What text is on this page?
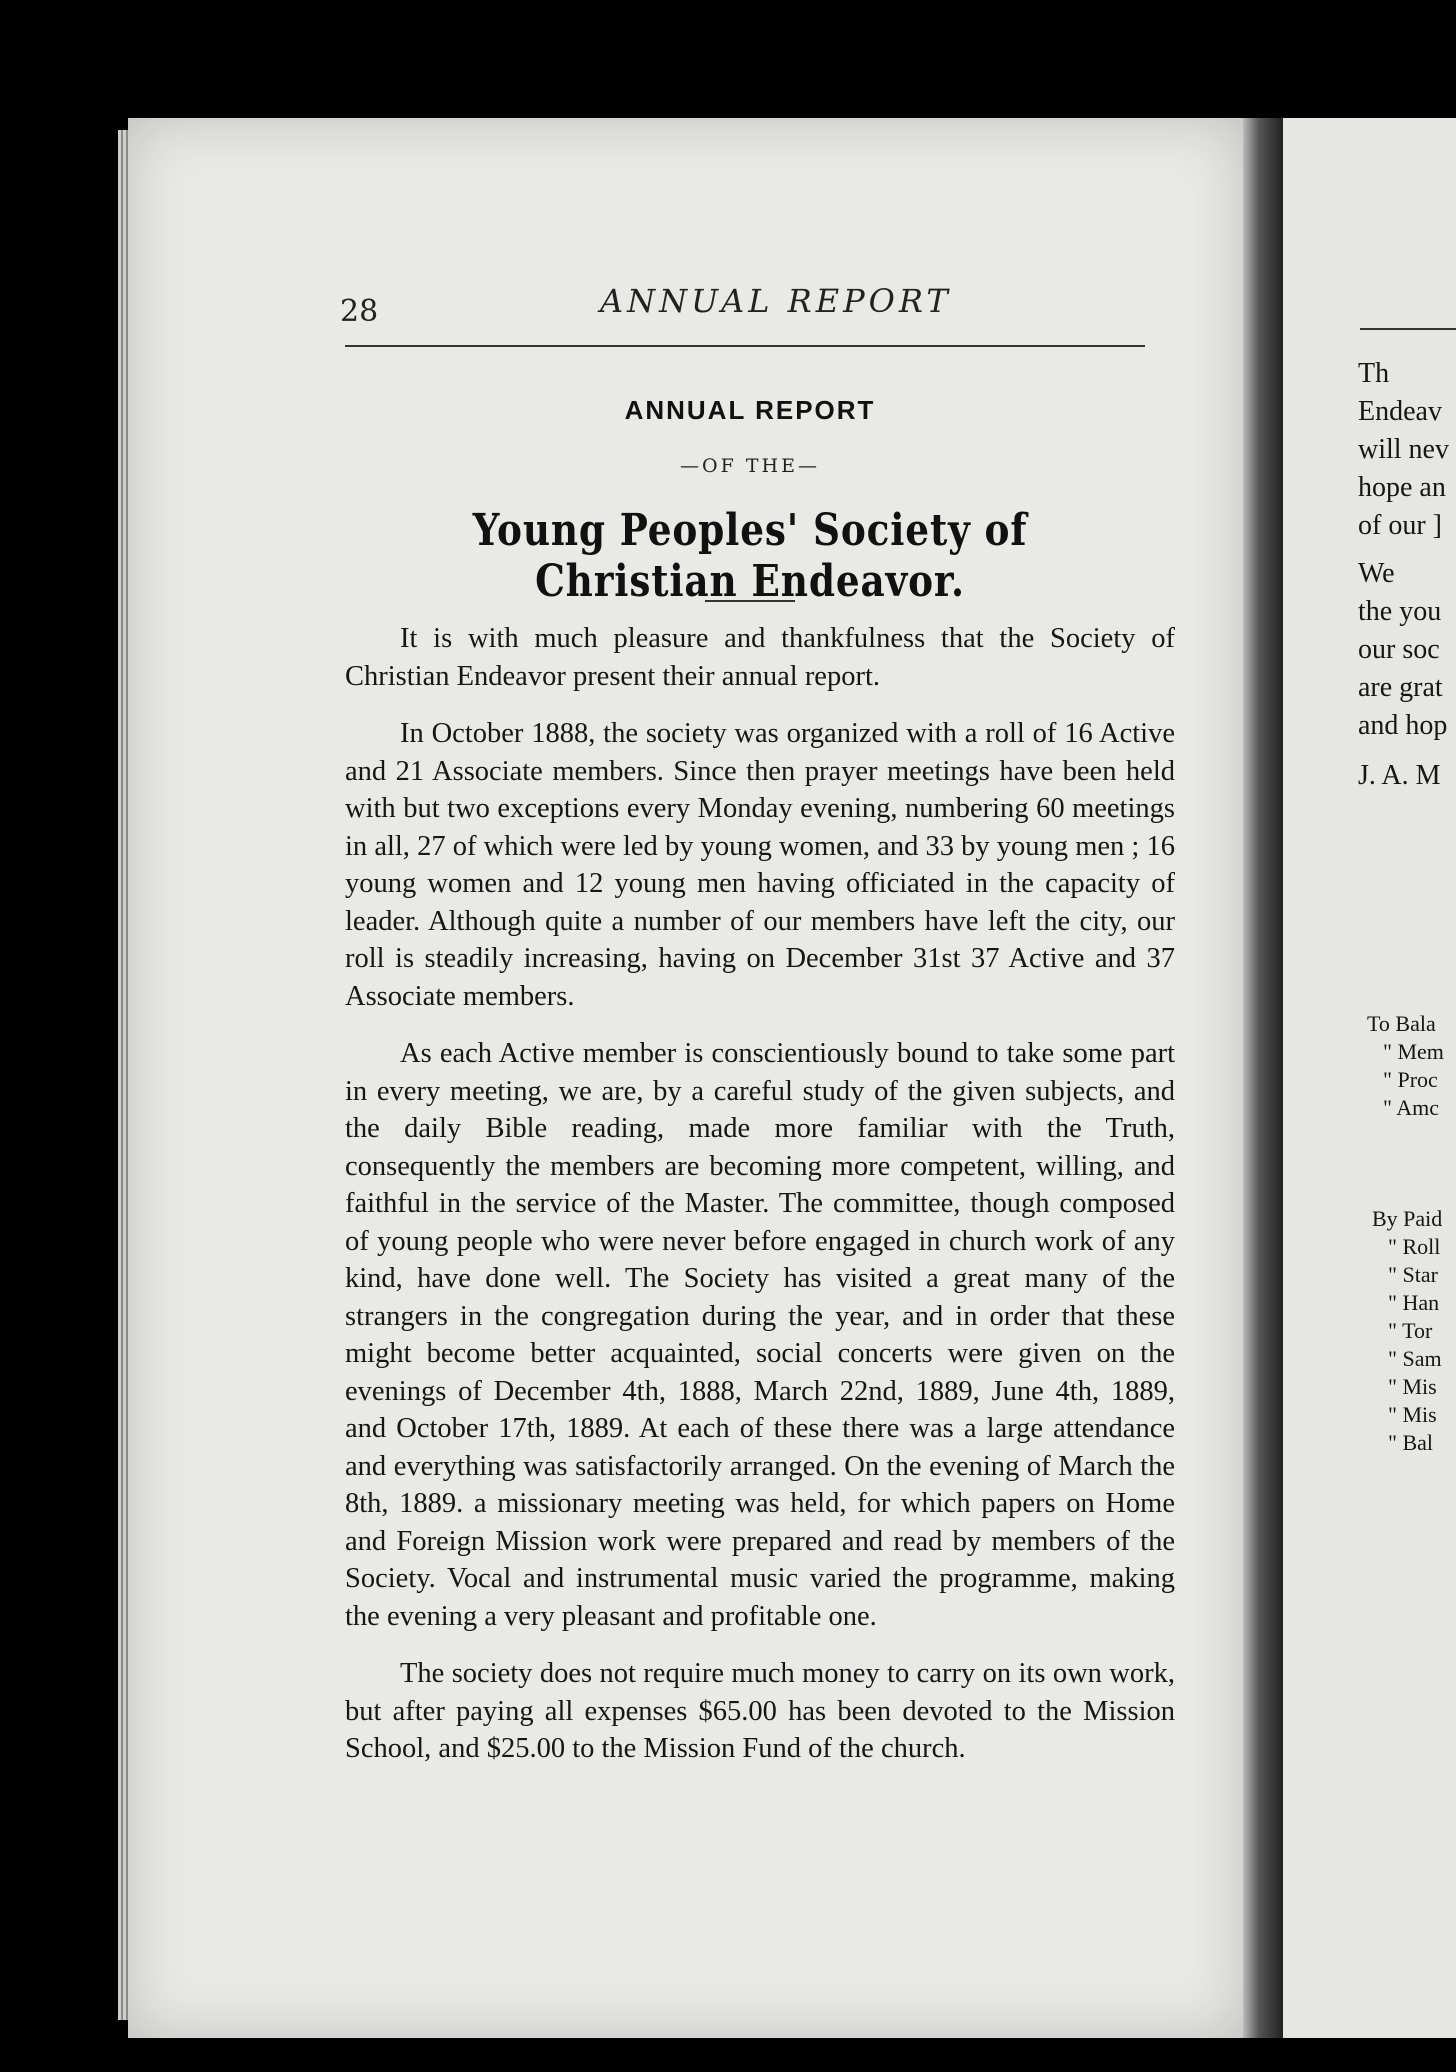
28	ANNUAL REPORT
ANNUAL REPORT
—OF THE—
Young Peoples' Society of Christian Endeavor.

It is with much pleasure and thankfulness that the Society of Christian Endeavor present their annual report.

In October 1888, the society was organized with a roll of 16 Active and 21 Associate members. Since then prayer meetings have been held with but two exceptions every Monday evening, numbering 60 meetings in all, 27 of which were led by young women, and 33 by young men ; 16 young women and 12 young men having officiated in the capacity of leader. Although quite a number of our members have left the city, our roll is steadily increasing, having on December 31st 37 Active and 37 Associate members.

As each Active member is conscientiously bound to take some part in every meeting, we are, by a careful study of the given subjects, and the daily Bible reading, made more familiar with the Truth, consequently the members are becoming more competent, willing, and faithful in the service of the Master. The committee, though composed of young people who were never before engaged in church work of any kind, have done well. The Society has visited a great many of the strangers in the congregation during the year, and in order that these might become better acquainted, social concerts were given on the evenings of December 4th, 1888, March 22nd, 1889, June 4th, 1889, and October 17th, 1889. At each of these there was a large attendance and everything was satisfactorily arranged. On the evening of March the 8th, 1889. a missionary meeting was held, for which papers on Home and Foreign Mission work were prepared and read by members of the Society. Vocal and instrumental music varied the programme, making the evening a very pleasant and profitable one.

The society does not require much money to carry on its own work, but after paying all expenses $65.00 has been devoted to the Mission School, and $25.00 to the Mission Fund of the church.

Th
Endeav
will nev
hope an
of our ]
We
the you
our soc
are grat
and hop
J. A. M
To Bala
" Mem
" Proc
" Amc
By Paid
" Roll
" Star
" Han
" Tor
" Sam
" Mis
" Mis
" Bal
